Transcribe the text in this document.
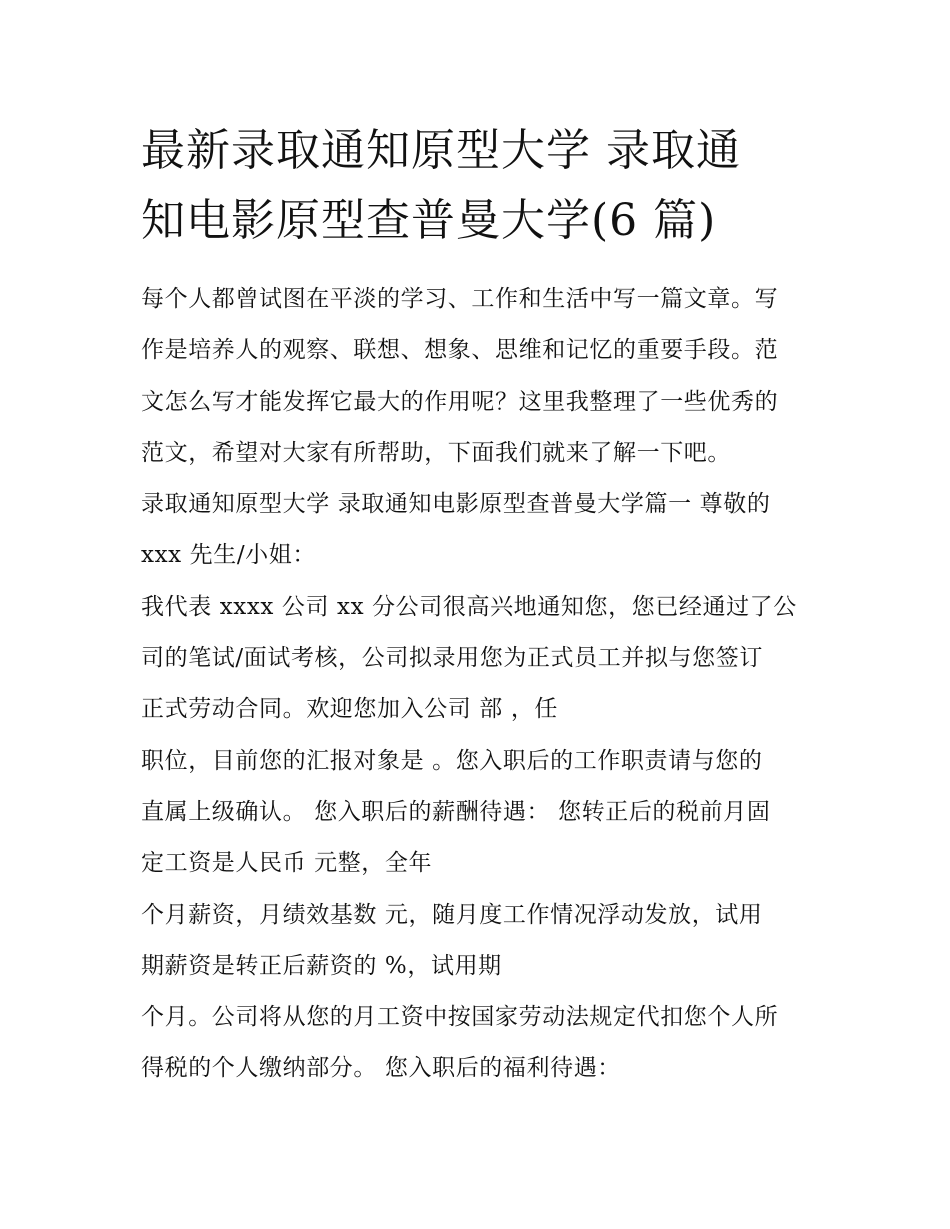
最新录取通知原型大学 录取通
知电影原型查普曼大学(6 篇)
每个人都曾试图在平淡的学习、工作和生活中写一篇文章。写
作是培养人的观察、联想、想象、思维和记忆的重要手段。范
文怎么写才能发挥它最大的作用呢？这里我整理了一些优秀的
范文，希望对大家有所帮助，下面我们就来了解一下吧。
录取通知原型大学 录取通知电影原型查普曼大学篇一 尊敬的
xxx 先生/小姐：
我代表 xxxx 公司 xx 分公司很高兴地通知您，您已经通过了公
司的笔试/面试考核，公司拟录用您为正式员工并拟与您签订
正式劳动合同。欢迎您加入公司 部 ，任
职位，目前您的汇报对象是 。您入职后的工作职责请与您的
直属上级确认。 您入职后的薪酬待遇： 您转正后的税前月固
定工资是人民币 元整，全年
个月薪资，月绩效基数 元，随月度工作情况浮动发放，试用
期薪资是转正后薪资的 %，试用期
个月。公司将从您的月工资中按国家劳动法规定代扣您个人所
得税的个人缴纳部分。 您入职后的福利待遇：
